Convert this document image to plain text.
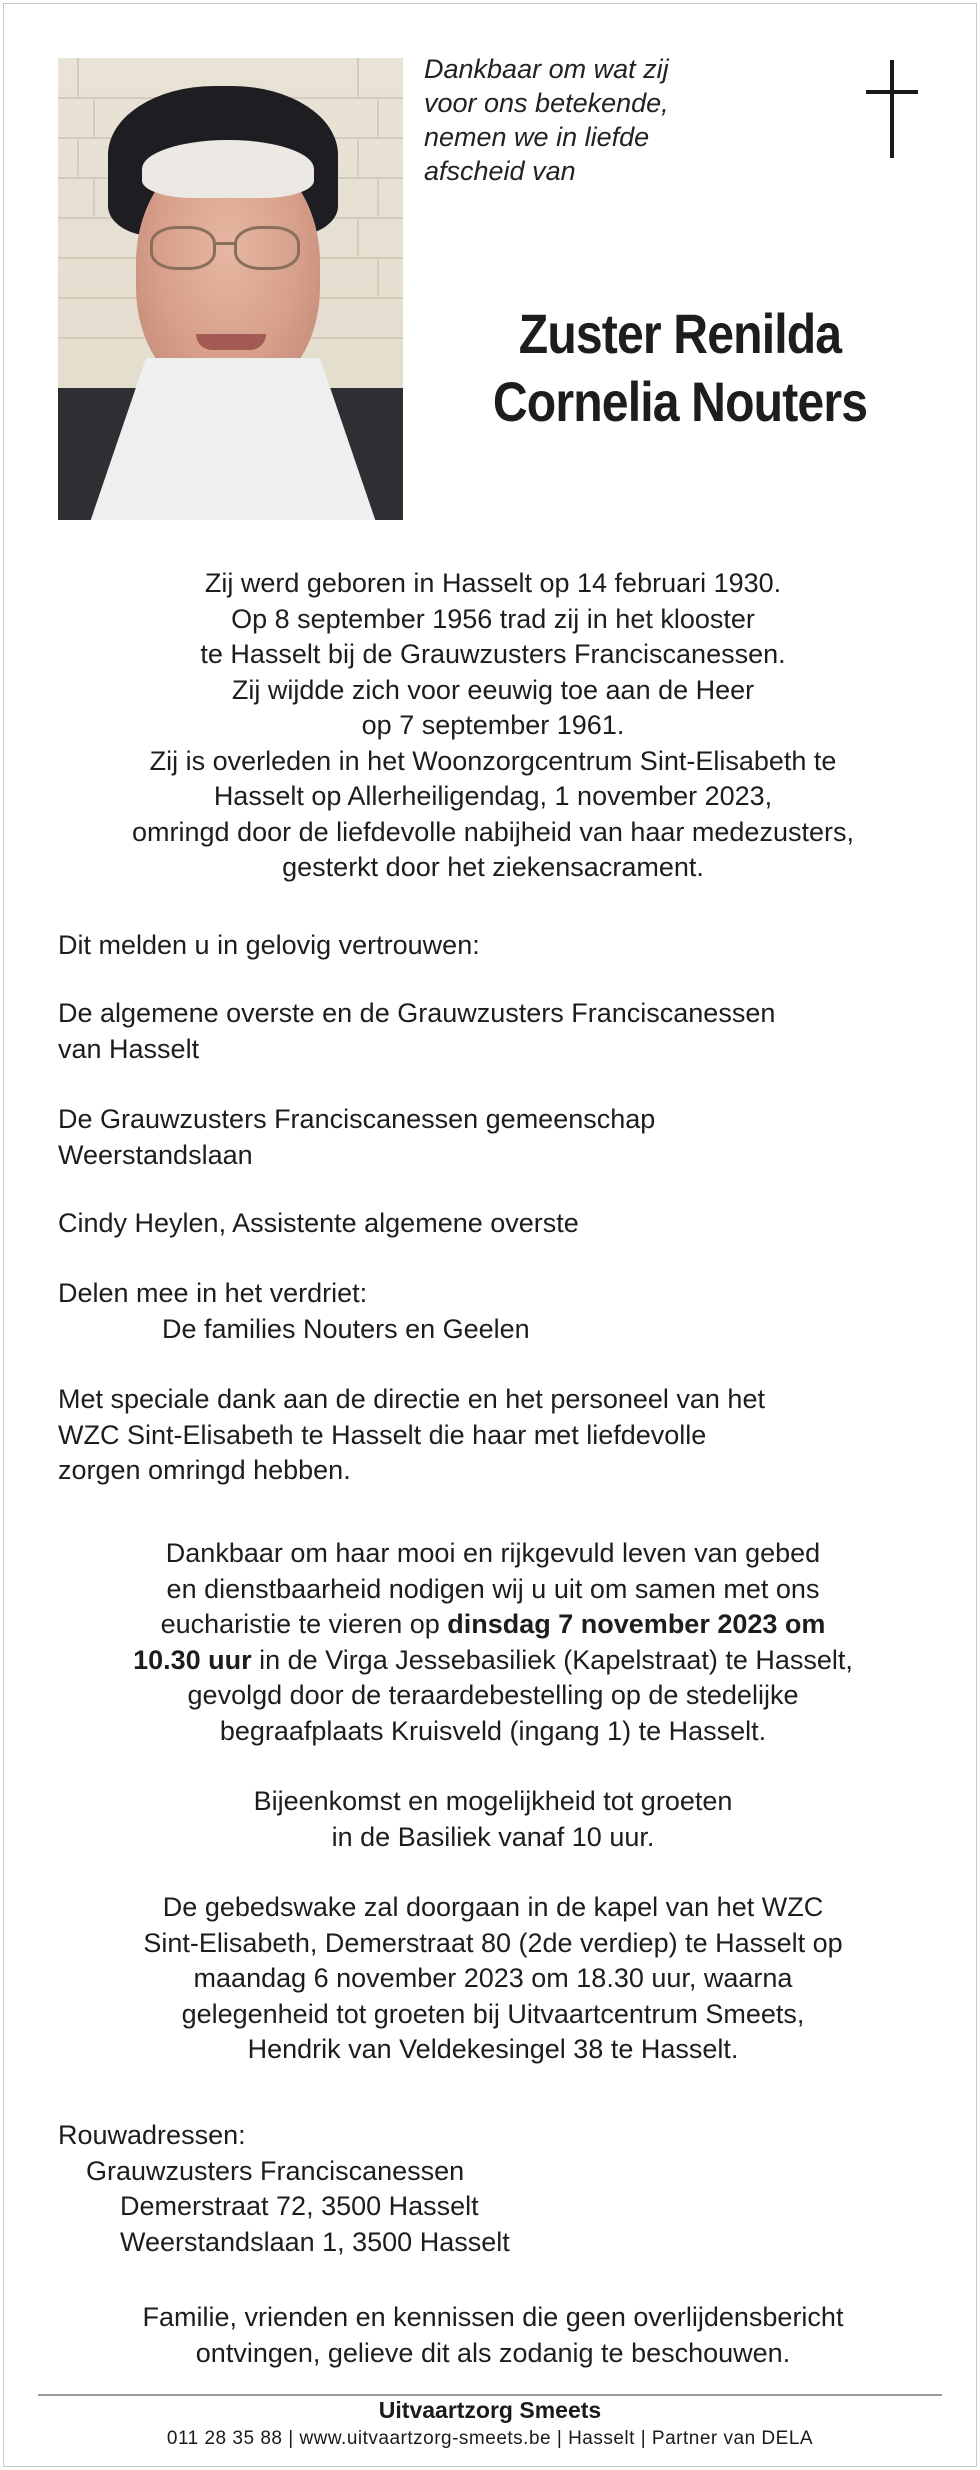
Dankbaar om wat zij
voor ons betekende,
nemen we in liefde
afscheid van
Zuster Renilda
Cornelia Nouters
Zij werd geboren in Hasselt op 14 februari 1930.
Op 8 september 1956 trad zij in het klooster
te Hasselt bij de Grauwzusters Franciscanessen.
Zij wijdde zich voor eeuwig toe aan de Heer
op 7 september 1961.
Zij is overleden in het Woonzorgcentrum Sint-Elisabeth te
Hasselt op Allerheiligendag, 1 november 2023,
omringd door de liefdevolle nabijheid van haar medezusters,
gesterkt door het ziekensacrament.
Dit melden u in gelovig vertrouwen:
De algemene overste en de Grauwzusters Franciscanessen
van Hasselt
De Grauwzusters Franciscanessen gemeenschap
Weerstandslaan
Cindy Heylen, Assistente algemene overste
Delen mee in het verdriet:
De families Nouters en Geelen
Met speciale dank aan de directie en het personeel van het
WZC Sint-Elisabeth te Hasselt die haar met liefdevolle
zorgen omringd hebben.
Dankbaar om haar mooi en rijkgevuld leven van gebed
en dienstbaarheid nodigen wij u uit om samen met ons
eucharistie te vieren op dinsdag 7 november 2023 om
10.30 uur in de Virga Jessebasiliek (Kapelstraat) te Hasselt,
gevolgd door de teraardebestelling op de stedelijke
begraafplaats Kruisveld (ingang 1) te Hasselt.
Bijeenkomst en mogelijkheid tot groeten
in de Basiliek vanaf 10 uur.
De gebedswake zal doorgaan in de kapel van het WZC
Sint-Elisabeth, Demerstraat 80 (2de verdiep) te Hasselt op
maandag 6 november 2023 om 18.30 uur, waarna
gelegenheid tot groeten bij Uitvaartcentrum Smeets,
Hendrik van Veldekesingel 38 te Hasselt.
Rouwadressen:
Grauwzusters Franciscanessen
Demerstraat 72, 3500 Hasselt
Weerstandslaan 1, 3500 Hasselt
Familie, vrienden en kennissen die geen overlijdensbericht
ontvingen, gelieve dit als zodanig te beschouwen.
Uitvaartzorg Smeets
011 28 35 88 | www.uitvaartzorg-smeets.be | Hasselt | Partner van DELA
